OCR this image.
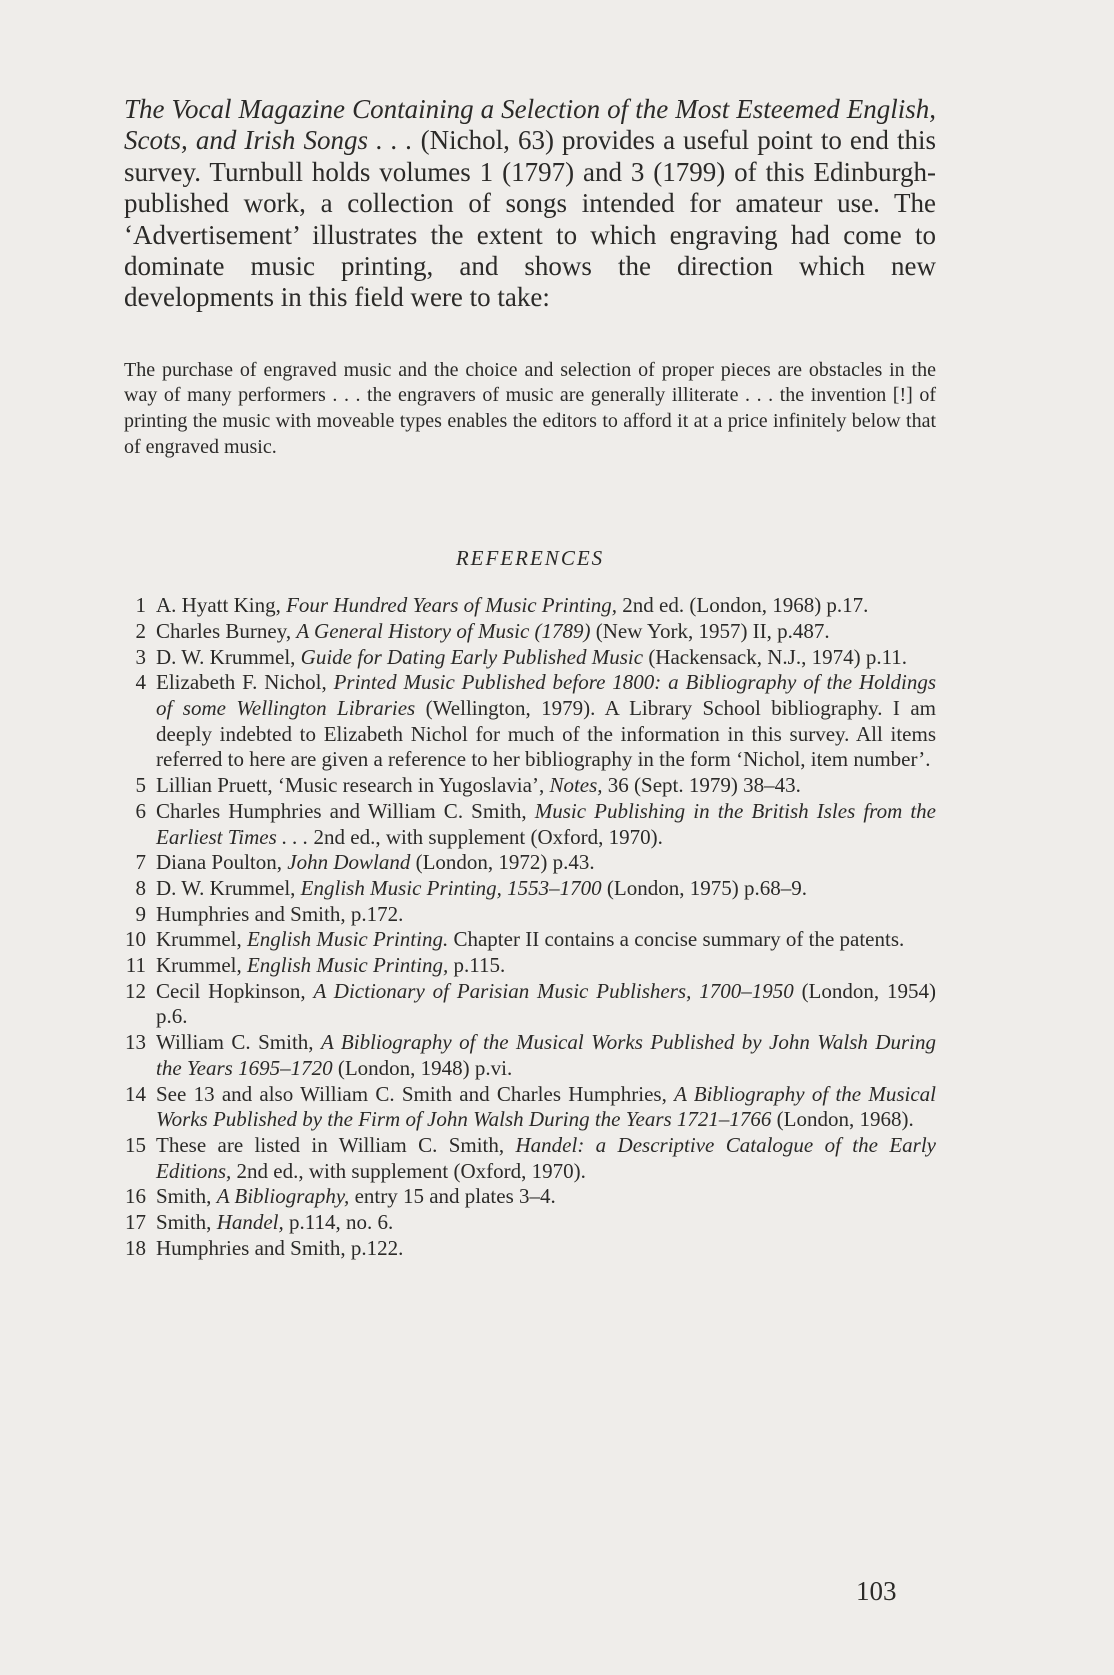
The Vocal Magazine Containing a Selection of the Most Esteemed English, Scots, and Irish Songs . . . (Nichol, 63) provides a useful point to end this survey. Turnbull holds volumes 1 (1797) and 3 (1799) of this Edinburgh-published work, a collection of songs intended for amateur use. The ‘Advertisement’ illustrates the extent to which engraving had come to dominate music printing, and shows the direction which new developments in this field were to take:

The purchase of engraved music and the choice and selection of proper pieces are obstacles in the way of many performers . . . the engravers of music are generally illiterate . . . the invention [!] of printing the music with moveable types enables the editors to afford it at a price infinitely below that of engraved music.

REFERENCES
1 A. Hyatt King, Four Hundred Years of Music Printing, 2nd ed. (London, 1968) p.17.
2 Charles Burney, A General History of Music (1789) (New York, 1957) II, p.487.
3 D. W. Krummel, Guide for Dating Early Published Music (Hackensack, N.J., 1974) p.11.
4 Elizabeth F. Nichol, Printed Music Published before 1800: a Bibliography of the Holdings of some Wellington Libraries (Wellington, 1979). A Library School bibliography. I am deeply indebted to Elizabeth Nichol for much of the information in this survey. All items referred to here are given a reference to her bibliography in the form ‘Nichol, item number’.
5 Lillian Pruett, ‘Music research in Yugoslavia’, Notes, 36 (Sept. 1979) 38–43.
6 Charles Humphries and William C. Smith, Music Publishing in the British Isles from the Earliest Times . . . 2nd ed., with supplement (Oxford, 1970).
7 Diana Poulton, John Dowland (London, 1972) p.43.
8 D. W. Krummel, English Music Printing, 1553–1700 (London, 1975) p.68–9.
9 Humphries and Smith, p.172.
10 Krummel, English Music Printing. Chapter II contains a concise summary of the patents.
11 Krummel, English Music Printing, p.115.
12 Cecil Hopkinson, A Dictionary of Parisian Music Publishers, 1700–1950 (London, 1954) p.6.
13 William C. Smith, A Bibliography of the Musical Works Published by John Walsh During the Years 1695–1720 (London, 1948) p.vi.
14 See 13 and also William C. Smith and Charles Humphries, A Bibliography of the Musical Works Published by the Firm of John Walsh During the Years 1721–1766 (London, 1968).
15 These are listed in William C. Smith, Handel: a Descriptive Catalogue of the Early Editions, 2nd ed., with supplement (Oxford, 1970).
16 Smith, A Bibliography, entry 15 and plates 3–4.
17 Smith, Handel, p.114, no. 6.
18 Humphries and Smith, p.122.
103
